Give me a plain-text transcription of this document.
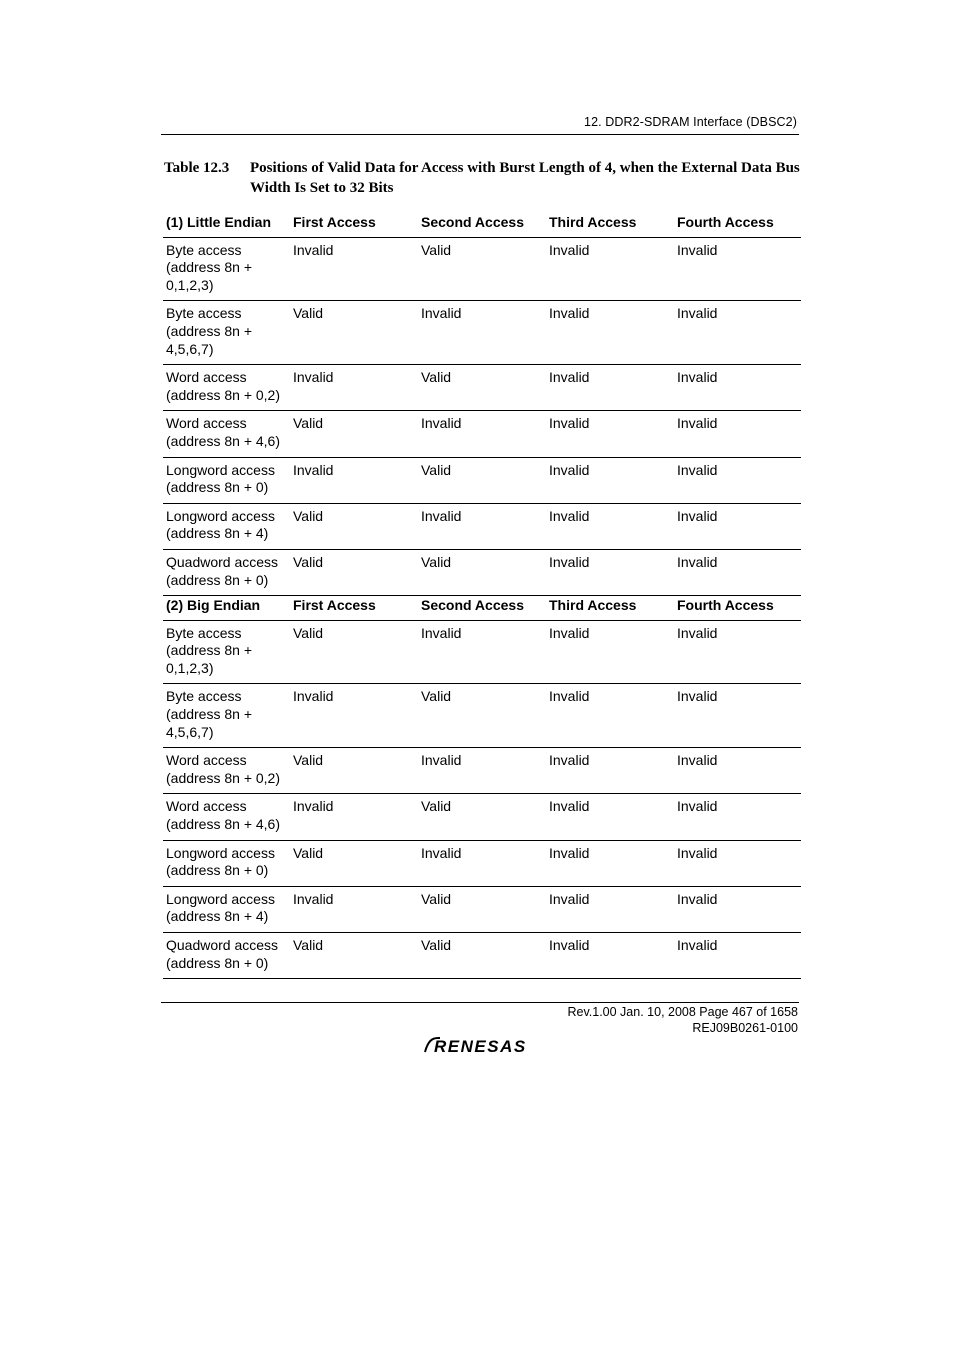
12. DDR2-SDRAM Interface (DBSC2)
Table 12.3 Positions of Valid Data for Access with Burst Length of 4, when the External Data Bus Width Is Set to 32 Bits
(1) Little Endian	First Access	Second Access	Third Access	Fourth Access
Byte access (address 8n + 0,1,2,3)	Invalid	Valid	Invalid	Invalid
Byte access (address 8n + 4,5,6,7)	Valid	Invalid	Invalid	Invalid
Word access (address 8n + 0,2)	Invalid	Valid	Invalid	Invalid
Word access (address 8n + 4,6)	Valid	Invalid	Invalid	Invalid
Longword access (address 8n + 0)	Invalid	Valid	Invalid	Invalid
Longword access (address 8n + 4)	Valid	Invalid	Invalid	Invalid
Quadword access (address 8n + 0)	Valid	Valid	Invalid	Invalid
(2) Big Endian	First Access	Second Access	Third Access	Fourth Access
Byte access (address 8n + 0,1,2,3)	Valid	Invalid	Invalid	Invalid
Byte access (address 8n + 4,5,6,7)	Invalid	Valid	Invalid	Invalid
Word access (address 8n + 0,2)	Valid	Invalid	Invalid	Invalid
Word access (address 8n + 4,6)	Invalid	Valid	Invalid	Invalid
Longword access (address 8n + 0)	Valid	Invalid	Invalid	Invalid
Longword access (address 8n + 4)	Invalid	Valid	Invalid	Invalid
Quadword access (address 8n + 0)	Valid	Valid	Invalid	Invalid
Rev.1.00 Jan. 10, 2008 Page 467 of 1658
REJ09B0261-0100
RENESAS
